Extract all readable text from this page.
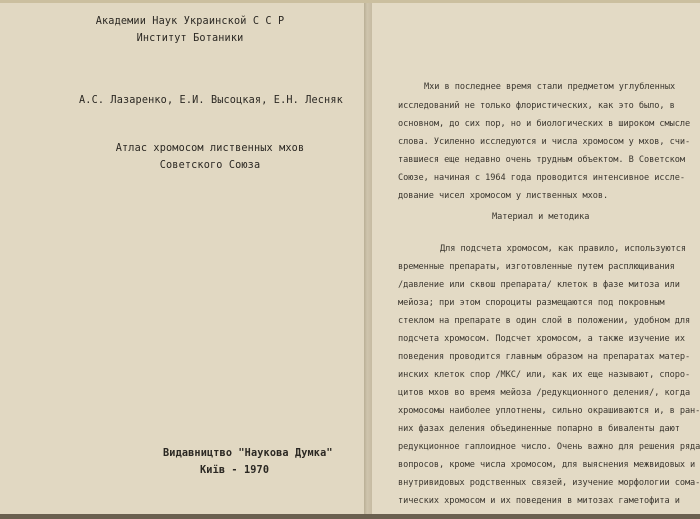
Академии Наук Украинской С С Р
Институт Ботаники
А.С. Лазаренко, Е.И. Высоцкая, Е.Н. Лесняк
Атлас хромосом лиственных мхов
Советского Союза
Видавництво "Наукова Думка"
Київ - 1970
Мхи в последнее время стали предметом углубленных
исследований не только флористических, как это было, в
основном, до сих пор, но и биологических в широком смысле
слова. Усиленно исследуются и числа хромосом у мхов, счи-
тавшиеся еще недавно очень трудным объектом. В Советском
Союзе, начиная с 1964 года проводится интенсивное иссле-
дование чисел хромосом у лиственных мхов.
Материал и методика
Для подсчета хромосом, как правило, используются
временные препараты, изготовленные путем расплющивания
/давление или сквош препарата/ клеток в фазе митоза или
мейоза; при этом спороциты размещаются под покровным
стеклом на препарате в один слой в положении, удобном для
подсчета хромосом. Подсчет хромосом, а также изучение их
поведения проводится главным образом на препаратах матер-
инских клеток спор /МКС/ или, как их еще называют, споро-
цитов мхов во время мейоза /редукционного деления/, когда
хромосомы наиболее уплотнены, сильно окрашиваются и, в ран-
них фазах деления объединенные попарно в биваленты дают
редукционное гаплоидное число. Очень важно для решения ряда
вопросов, кроме числа хромосом, для выяснения межвидовых и
внутривидовых родственных связей, изучение морфологии сома-
тических хромосом и их поведения в митозах гаметофита и
